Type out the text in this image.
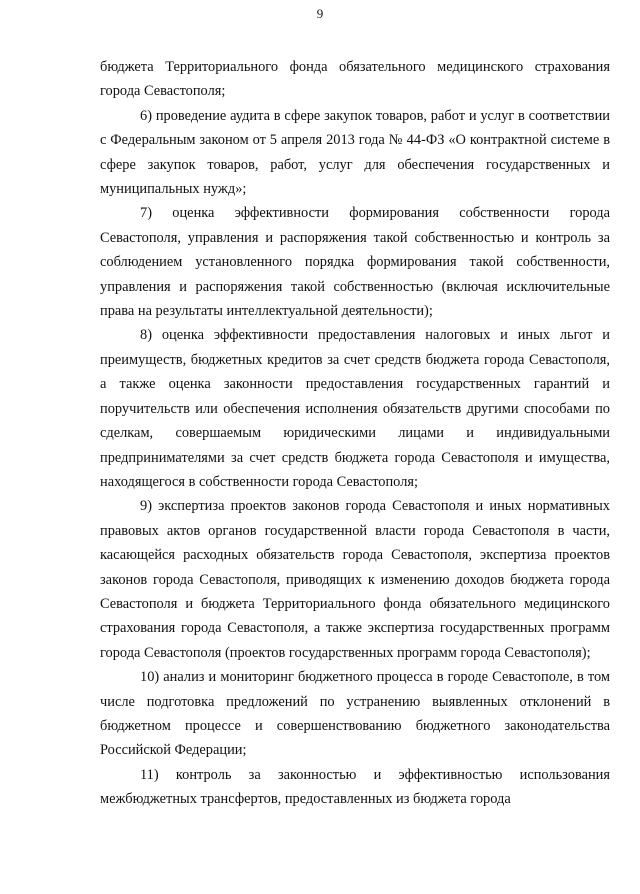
9

бюджета Территориального фонда обязательного медицинского страхования города Севастополя;

6) проведение аудита в сфере закупок товаров, работ и услуг в соответствии с Федеральным законом от 5 апреля 2013 года № 44-ФЗ «О контрактной системе в сфере закупок товаров, работ, услуг для обеспечения государственных и муниципальных нужд»;

7) оценка эффективности формирования собственности города Севастополя, управления и распоряжения такой собственностью и контроль за соблюдением установленного порядка формирования такой собственности, управления и распоряжения такой собственностью (включая исключительные права на результаты интеллектуальной деятельности);

8) оценка эффективности предоставления налоговых и иных льгот и преимуществ, бюджетных кредитов за счет средств бюджета города Севастополя, а также оценка законности предоставления государственных гарантий и поручительств или обеспечения исполнения обязательств другими способами по сделкам, совершаемым юридическими лицами и индивидуальными предпринимателями за счет средств бюджета города Севастополя и имущества, находящегося в собственности города Севастополя;

9) экспертиза проектов законов города Севастополя и иных нормативных правовых актов органов государственной власти города Севастополя в части, касающейся расходных обязательств города Севастополя, экспертиза проектов законов города Севастополя, приводящих к изменению доходов бюджета города Севастополя и бюджета Территориального фонда обязательного медицинского страхования города Севастополя, а также экспертиза государственных программ города Севастополя (проектов государственных программ города Севастополя);

10) анализ и мониторинг бюджетного процесса в городе Севастополе, в том числе подготовка предложений по устранению выявленных отклонений в бюджетном процессе и совершенствованию бюджетного законодательства Российской Федерации;

11) контроль за законностью и эффективностью использования межбюджетных трансфертов, предоставленных из бюджета города
